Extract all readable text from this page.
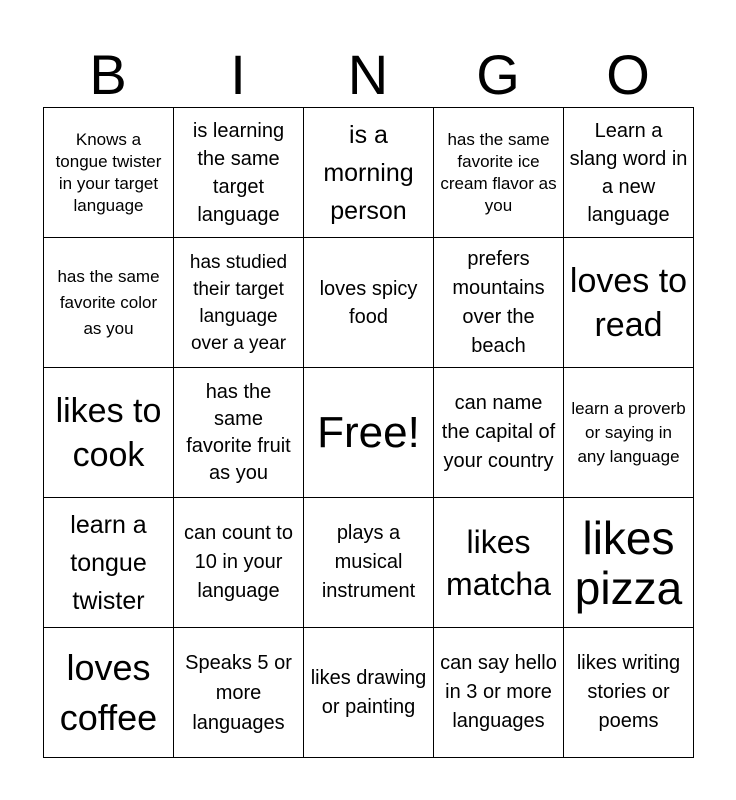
B	I	N	G	O
Knows a tongue twister in your target language
is learning the same target language
is a morning person
has the same favorite ice cream flavor as you
Learn a slang word in a new language
has the same favorite color as you
has studied their target language over a year
loves spicy food
prefers mountains over the beach
loves to read
likes to cook
has the same favorite fruit as you
Free!
can name the capital of your country
learn a proverb or saying in any language
learn a tongue twister
can count to 10 in your language
plays a musical instrument
likes matcha
likes pizza
loves coffee
Speaks 5 or more languages
likes drawing or painting
can say hello in 3 or more languages
likes writing stories or poems
